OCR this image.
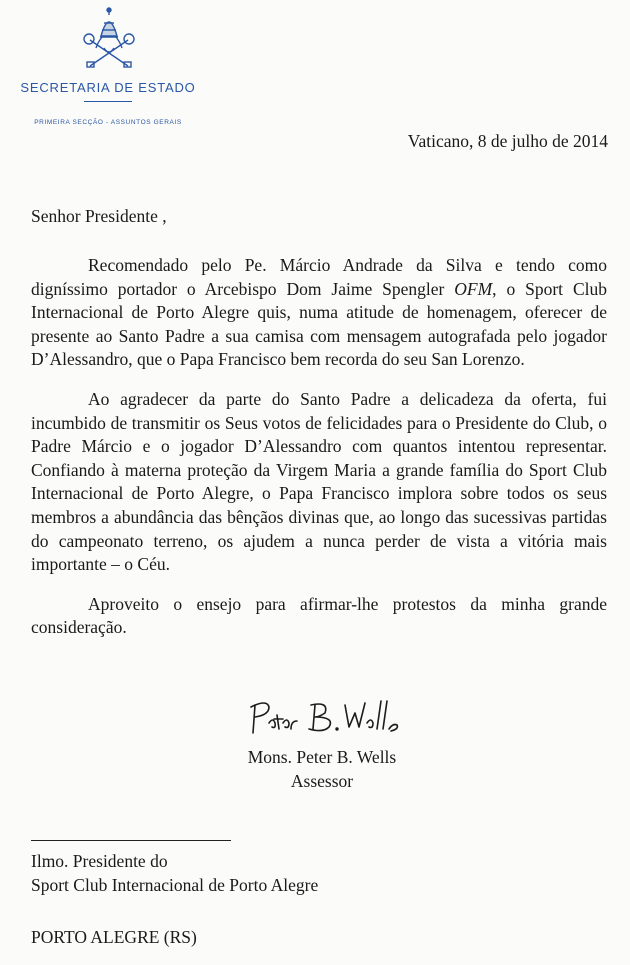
SECRETARIA DE ESTADO
PRIMEIRA SECÇÃO - ASSUNTOS GERAIS
Vaticano, 8 de julho de 2014
Senhor Presidente ,

Recomendado pelo Pe. Márcio Andrade da Silva e tendo como digníssimo portador o Arcebispo Dom Jaime Spengler OFM, o Sport Club Internacional de Porto Alegre quis, numa atitude de homenagem, oferecer de presente ao Santo Padre a sua camisa com mensagem autografada pelo jogador D’Alessandro, que o Papa Francisco bem recorda do seu San Lorenzo.

Ao agradecer da parte do Santo Padre a delicadeza da oferta, fui incumbido de transmitir os Seus votos de felicidades para o Presidente do Club, o Padre Márcio e o jogador D’Alessandro com quantos intentou representar. Confiando à materna proteção da Virgem Maria a grande família do Sport Club Internacional de Porto Alegre, o Papa Francisco implora sobre todos os seus membros a abundância das bênçãos divinas que, ao longo das sucessivas partidas do campeonato terreno, os ajudem a nunca perder de vista a vitória mais importante – o Céu.

Aproveito o ensejo para afirmar-lhe protestos da minha grande consideração.

Mons. Peter B. Wells
Assessor
Ilmo. Presidente do
Sport Club Internacional de Porto Alegre
PORTO ALEGRE (RS)
